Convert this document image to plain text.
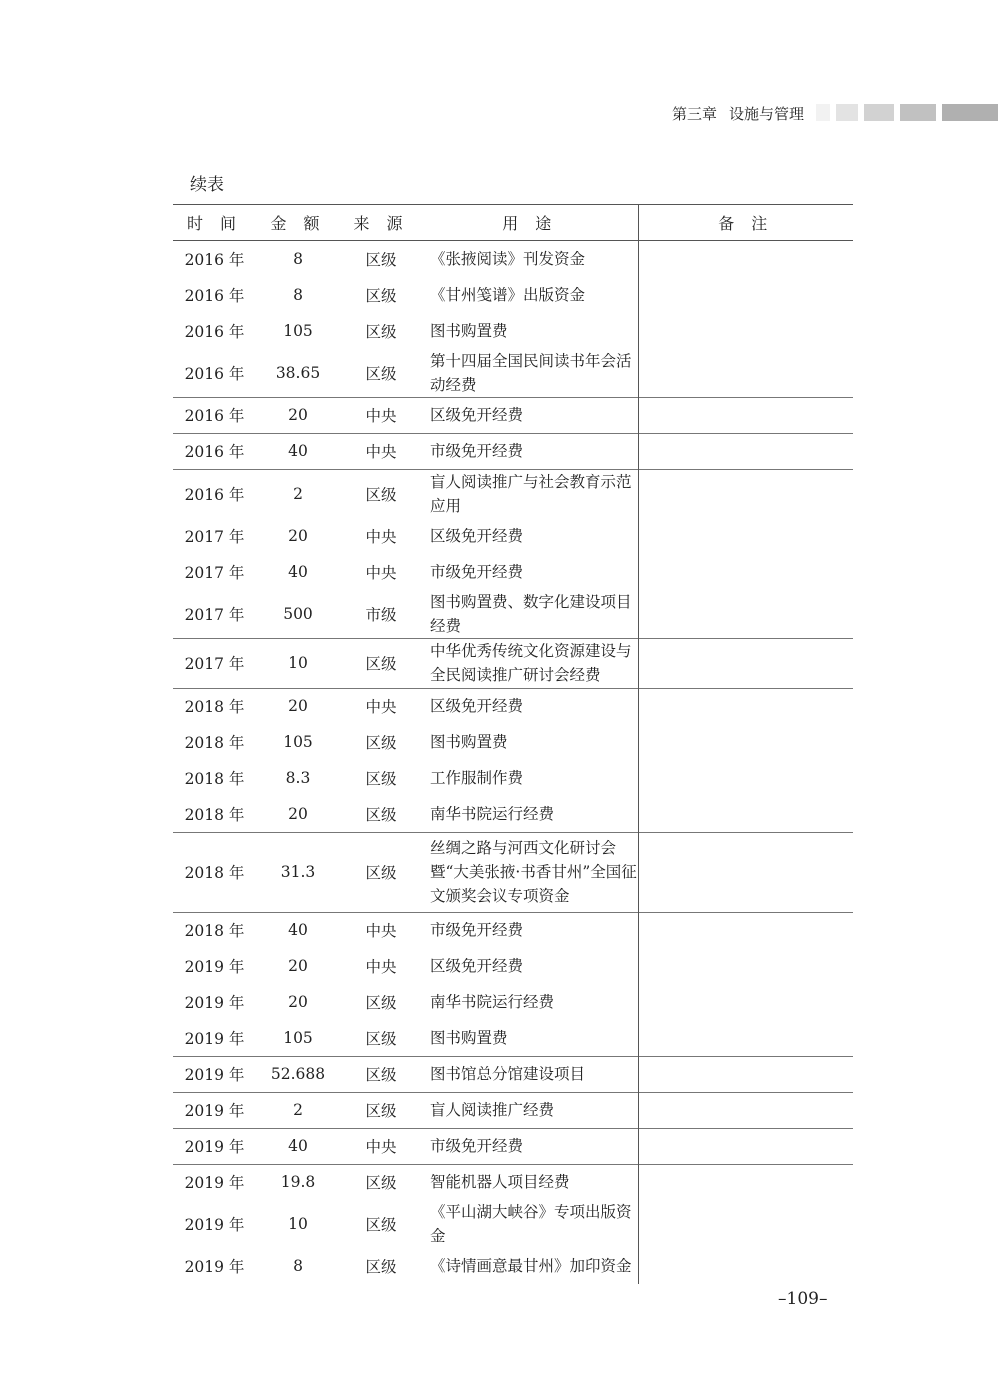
第三章 设施与管理
续表
时 间	金 额	来 源	用 途	备 注
2016 年	8	区级	《张掖阅读》刊发资金	
2016 年	8	区级	《甘州笺谱》出版资金	
2016 年	105	区级	图书购置费	
2016 年	38.65	区级	第十四届全国民间读书年会活动经费	
2016 年	20	中央	区级免开经费	
2016 年	40	中央	市级免开经费	
2016 年	2	区级	盲人阅读推广与社会教育示范应用	
2017 年	20	中央	区级免开经费	
2017 年	40	中央	市级免开经费	
2017 年	500	市级	图书购置费、数字化建设项目经费	
2017 年	10	区级	中华优秀传统文化资源建设与全民阅读推广研讨会经费	
2018 年	20	中央	区级免开经费	
2018 年	105	区级	图书购置费	
2018 年	8.3	区级	工作服制作费	
2018 年	20	区级	南华书院运行经费	
2018 年	31.3	区级	丝绸之路与河西文化研讨会暨“大美张掖·书香甘州”全国征文颁奖会议专项资金	
2018 年	40	中央	市级免开经费	
2019 年	20	中央	区级免开经费	
2019 年	20	区级	南华书院运行经费	
2019 年	105	区级	图书购置费	
2019 年	52.688	区级	图书馆总分馆建设项目	
2019 年	2	区级	盲人阅读推广经费	
2019 年	40	中央	市级免开经费	
2019 年	19.8	区级	智能机器人项目经费	
2019 年	10	区级	《平山湖大峡谷》专项出版资金	
2019 年	8	区级	《诗情画意最甘州》加印资金	
–109–
